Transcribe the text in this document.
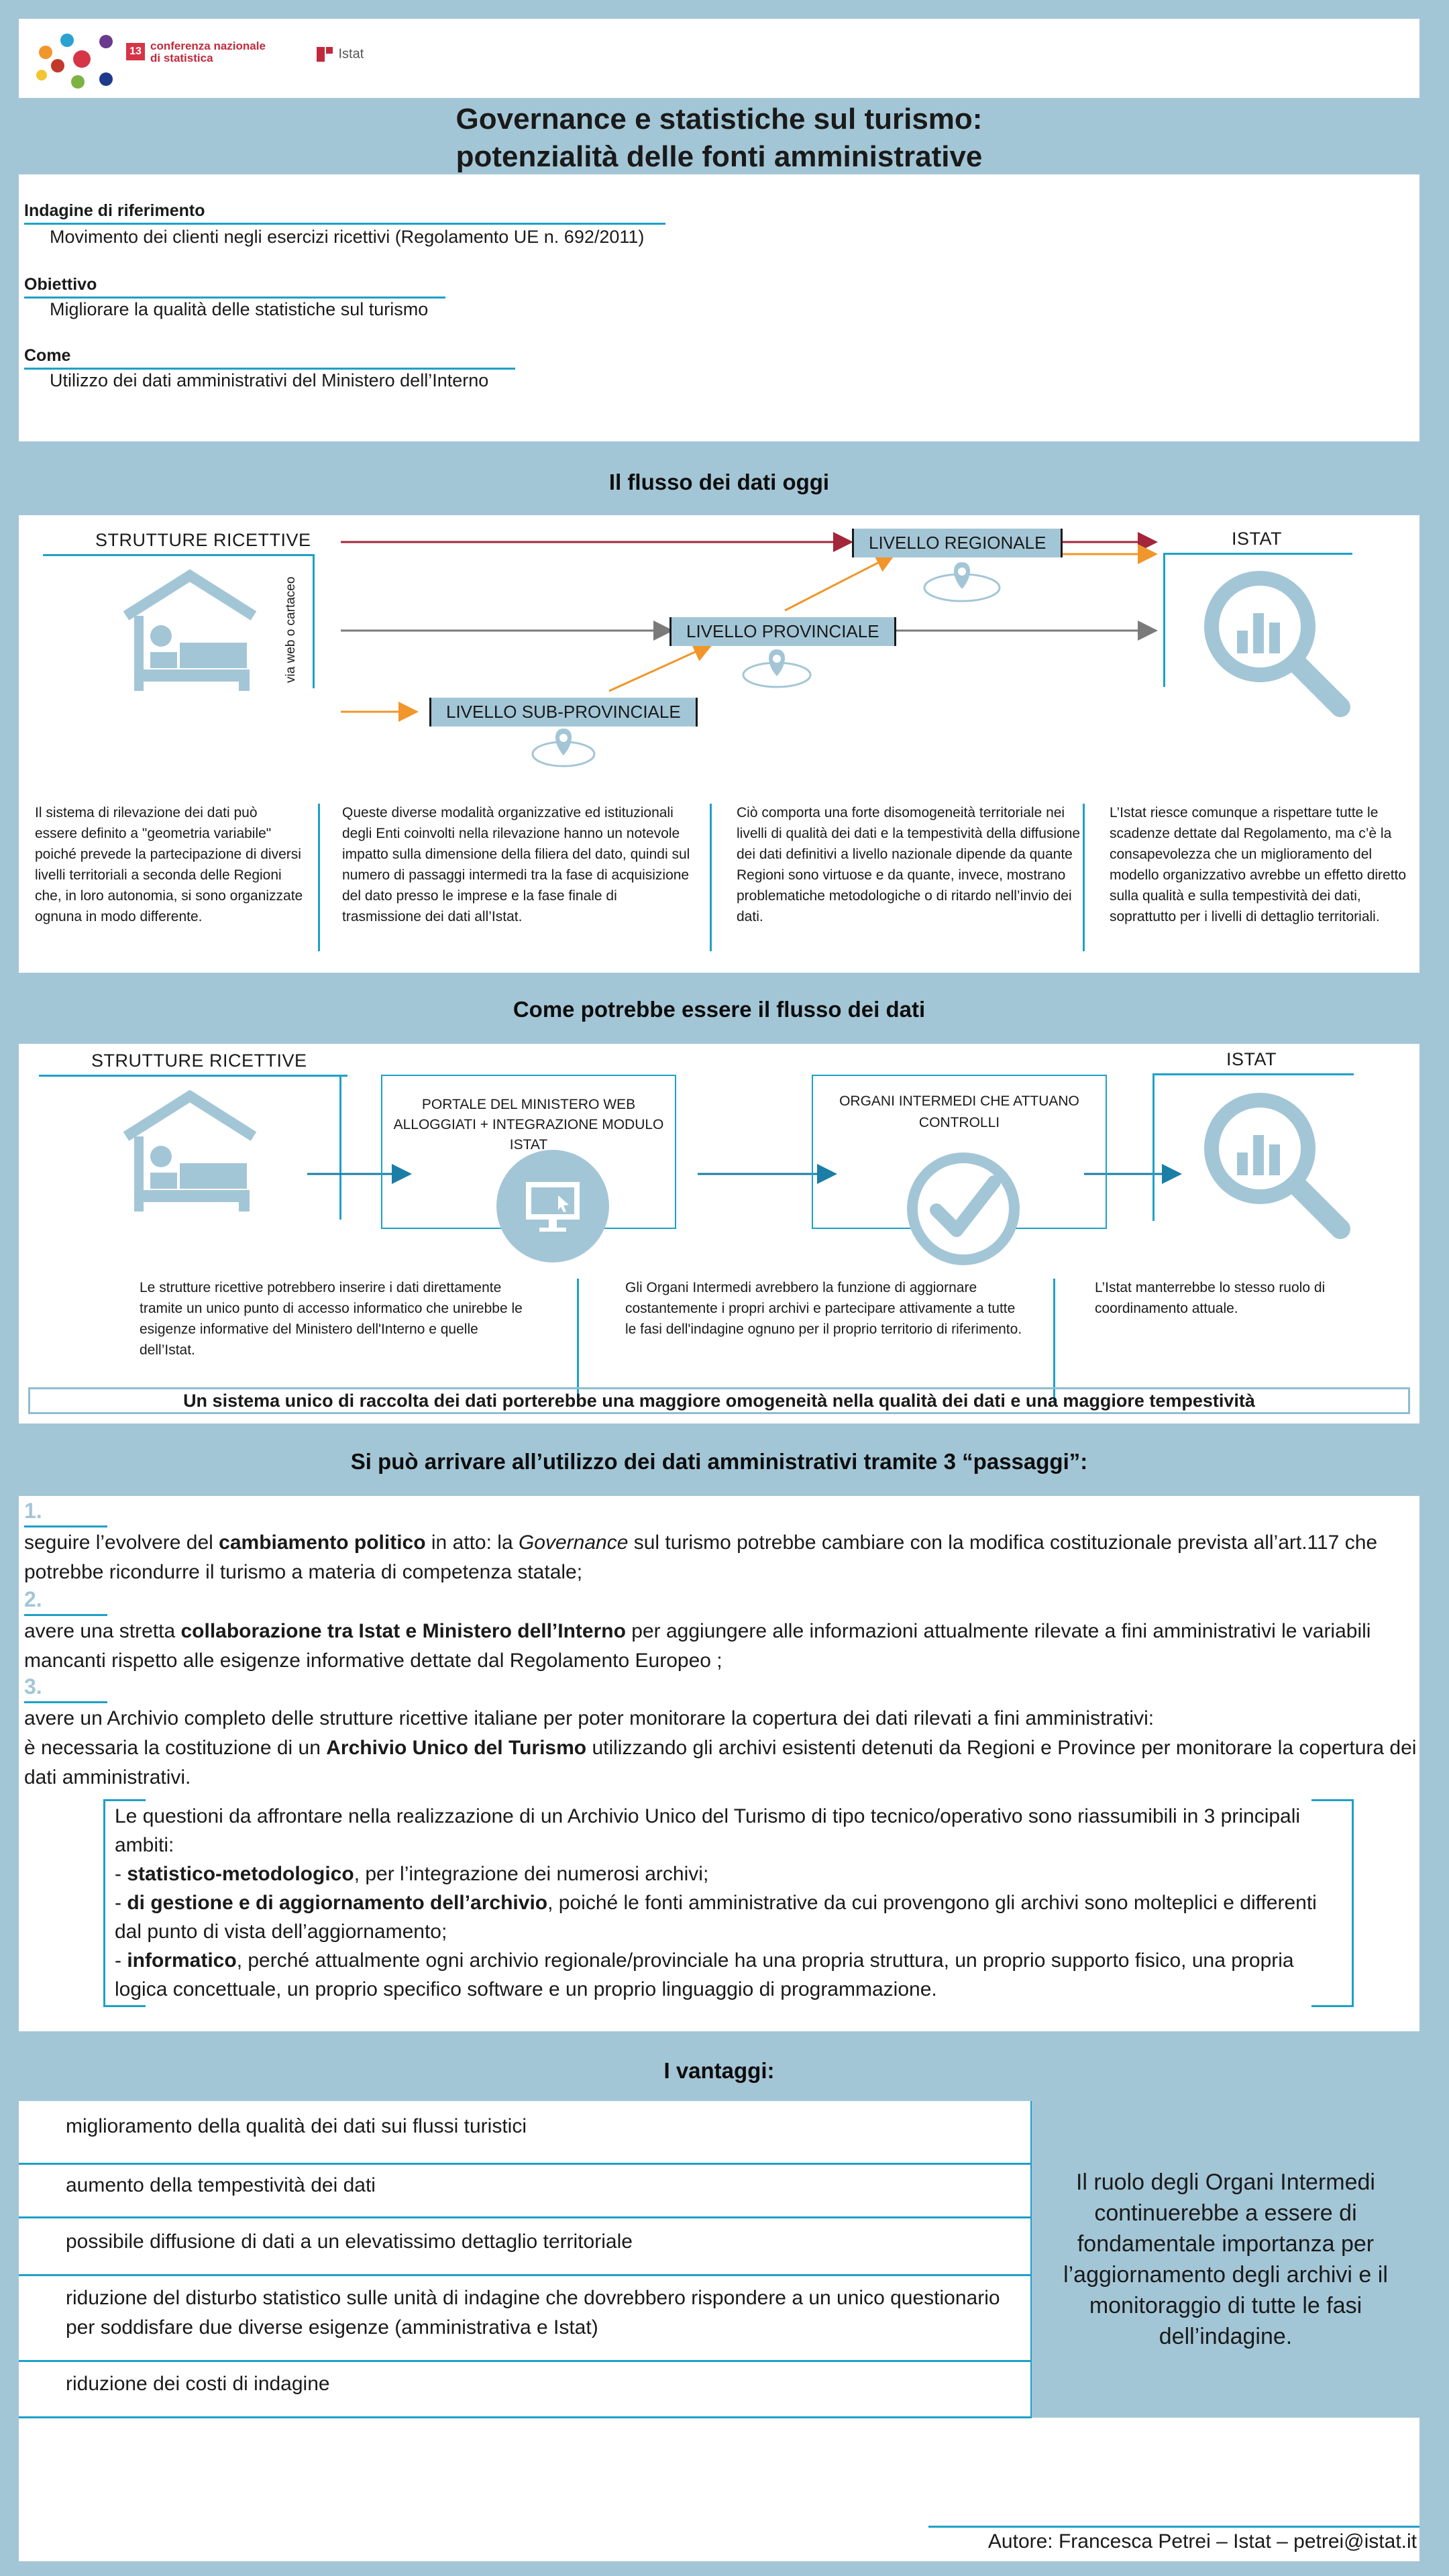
13 conferenza nazionale
di statistica	Istat
Governance e statistiche sul turismo:
potenzialità delle fonti amministrative
Indagine di riferimento
Movimento dei clienti negli esercizi ricettivi (Regolamento UE n. 692/2011)
Obiettivo
Migliorare la qualità delle statistiche sul turismo
Come
Utilizzo dei dati amministrativi del Ministero dell’Interno
Il flusso dei dati oggi
STRUTTURE RICETTIVE
via web o cartaceo
LIVELLO REGIONALE
LIVELLO PROVINCIALE
LIVELLO SUB-PROVINCIALE
ISTAT
Il sistema di rilevazione dei dati può essere definito a "geometria variabile" poiché prevede la partecipazione di diversi livelli territoriali a seconda delle Regioni che, in loro autonomia, si sono organizzate ognuna in modo differente.
Queste diverse modalità organizzative ed istituzionali degli Enti coinvolti nella rilevazione hanno un notevole impatto sulla dimensione della filiera del dato, quindi sul numero di passaggi intermedi tra la fase di acquisizione del dato presso le imprese e la fase finale di trasmissione dei dati all’Istat.
Ciò comporta una forte disomogeneità territoriale nei livelli di qualità dei dati e la tempestività della diffusione dei dati definitivi a livello nazionale dipende da quante Regioni sono virtuose e da quante, invece, mostrano problematiche metodologiche o di ritardo nell’invio dei dati.
L’Istat riesce comunque a rispettare tutte le scadenze dettate dal Regolamento, ma c’è la consapevolezza che un miglioramento del modello organizzativo avrebbe un effetto diretto sulla qualità e sulla tempestività dei dati, soprattutto per i livelli di dettaglio territoriali.
Come potrebbe essere il flusso dei dati
STRUTTURE RICETTIVE
PORTALE DEL MINISTERO WEB ALLOGGIATI + INTEGRAZIONE MODULO ISTAT
ORGANI INTERMEDI CHE ATTUANO CONTROLLI
ISTAT
Le strutture ricettive potrebbero inserire i dati direttamente tramite un unico punto di accesso informatico che unirebbe le esigenze informative del Ministero dell'Interno e quelle dell’Istat.
Gli Organi Intermedi avrebbero la funzione di aggiornare costantemente i propri archivi e partecipare attivamente a tutte le fasi dell'indagine ognuno per il proprio territorio di riferimento.
L’Istat manterrebbe lo stesso ruolo di coordinamento attuale.
Un sistema unico di raccolta dei dati porterebbe una maggiore omogeneità nella qualità dei dati e una maggiore tempestività
Si può arrivare all’utilizzo dei dati amministrativi tramite 3 “passaggi”:
1.
seguire l’evolvere del cambiamento politico in atto: la Governance sul turismo potrebbe cambiare con la modifica costituzionale prevista all’art.117 che potrebbe ricondurre il turismo a materia di competenza statale;
2.
avere una stretta collaborazione tra Istat e Ministero dell’Interno per aggiungere alle informazioni attualmente rilevate a fini amministrativi le variabili mancanti rispetto alle esigenze informative dettate dal Regolamento Europeo ;
3.
avere un Archivio completo delle strutture ricettive italiane per poter monitorare la copertura dei dati rilevati a fini amministrativi:
è necessaria la costituzione di un Archivio Unico del Turismo utilizzando gli archivi esistenti detenuti da Regioni e Province per monitorare la copertura dei dati amministrativi.
Le questioni da affrontare nella realizzazione di un Archivio Unico del Turismo di tipo tecnico/operativo sono riassumibili in 3 principali ambiti:
- statistico-metodologico, per l’integrazione dei numerosi archivi;
- di gestione e di aggiornamento dell’archivio, poiché le fonti amministrative da cui provengono gli archivi sono molteplici e differenti dal punto di vista dell’aggiornamento;
- informatico, perché attualmente ogni archivio regionale/provinciale ha una propria struttura, un proprio supporto fisico, una propria logica concettuale, un proprio specifico software e un proprio linguaggio di programmazione.
I vantaggi:
miglioramento della qualità dei dati sui flussi turistici
aumento della tempestività dei dati
possibile diffusione di dati a un elevatissimo dettaglio territoriale
riduzione del disturbo statistico sulle unità di indagine che dovrebbero rispondere a un unico questionario per soddisfare due diverse esigenze (amministrativa e Istat)
riduzione dei costi di indagine
Il ruolo degli Organi Intermedi continuerebbe a essere di fondamentale importanza per l’aggiornamento degli archivi e il monitoraggio di tutte le fasi dell’indagine.
Autore: Francesca Petrei – Istat – petrei@istat.it
